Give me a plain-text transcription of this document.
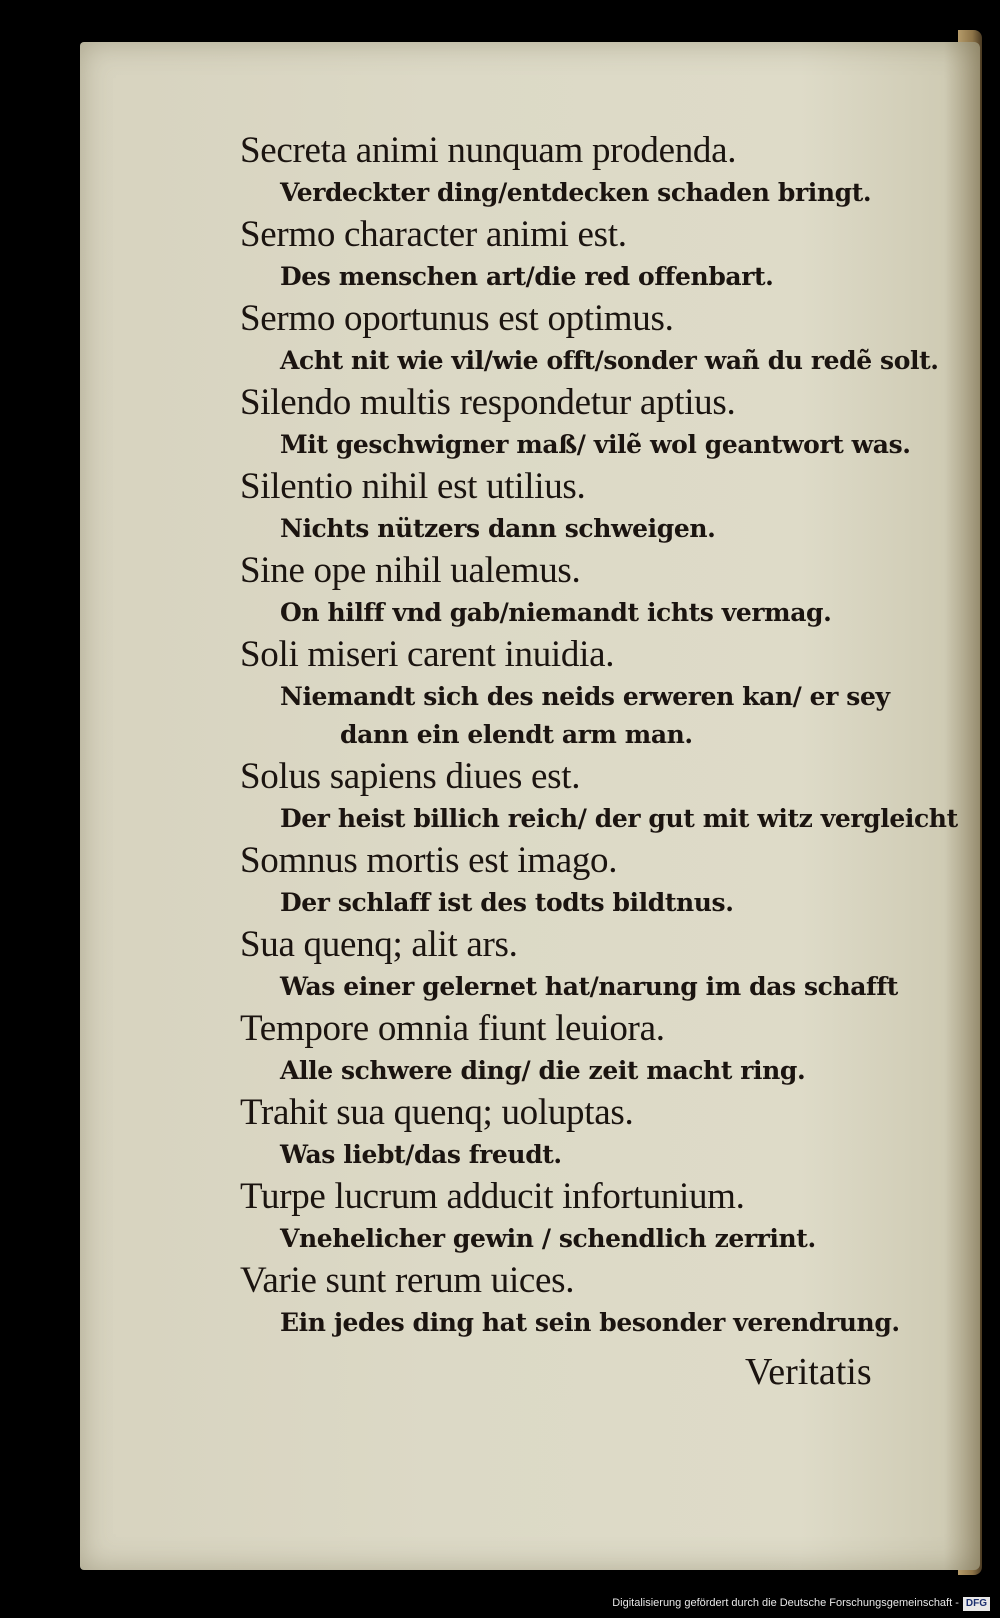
Secreta animi nunquam prodenda.
Verdeckter ding/entdecken schaden bringt.
Sermo character animi est.
Des menschen art/die red offenbart.
Sermo oportunus est optimus.
Acht nit wie vil/wie offt/sonder wañ du redẽ solt.
Silendo multis respondetur aptius.
Mit geschwigner maß/ vilẽ wol geantwort was.
Silentio nihil est utilius.
Nichts nützers dann schweigen.
Sine ope nihil ualemus.
On hilff vnd gab/niemandt ichts vermag.
Soli miseri carent inuidia.
Niemandt sich des neids erweren kan/ er sey
dann ein elendt arm man.
Solus sapiens diues est.
Der heist billich reich/ der gut mit witz vergleicht
Somnus mortis est imago.
Der schlaff ist des todts bildtnus.
Sua quenq; alit ars.
Was einer gelernet hat/narung im das schafft
Tempore omnia fiunt leuiora.
Alle schwere ding/ die zeit macht ring.
Trahit sua quenq; uoluptas.
Was liebt/das freudt.
Turpe lucrum adducit infortunium.
Vnehelicher gewin / schendlich zerrint.
Varie sunt rerum uices.
Ein jedes ding hat sein besonder verendrung.
Veritatis
Digitalisierung gefördert durch die Deutsche Forschungsgemeinschaft - DFG
